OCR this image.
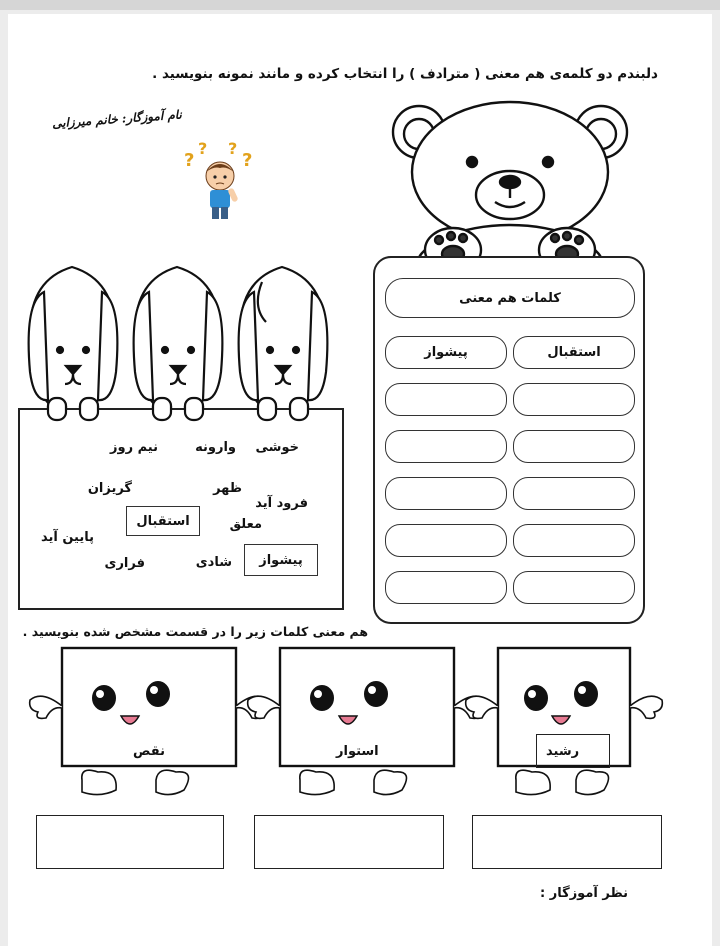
دلبندم دو کلمه‌ی هم معنی ( مترادف ) را انتخاب کرده و مانند نمونه بنویسید .
نام آموزگار: خانم میرزایی
?
? ?
?
کلمات هم معنی
استقبال
پیشواز
خوشی
وارونه
نیم روز
ظهر
گریزان
فرود آید
معلق
استقبال
پایین آید
شادی	پیشواز
فراری
هم معنی کلمات زیر را در قسمت مشخص شده بنویسید .
رشید
استوار
نقص
نظر آموزگار :
